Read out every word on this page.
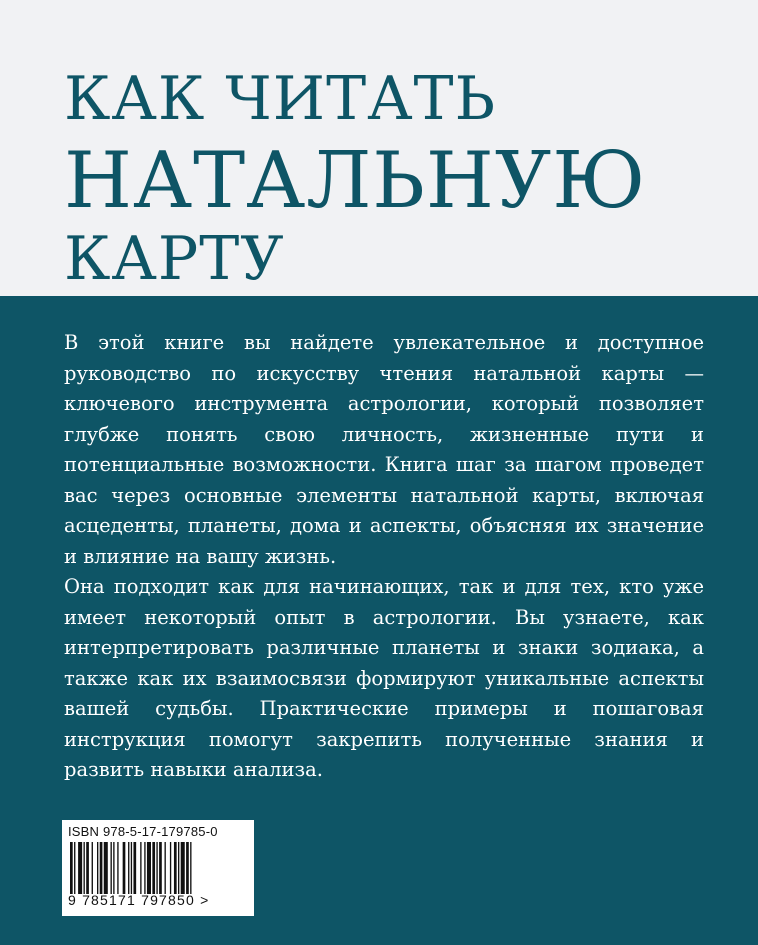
КАК ЧИТАТЬ
НАТАЛЬНУЮ
КАРТУ

В этой книге вы найдете увлекательное и доступное руководство по искусству чтения натальной карты — ключевого инструмента астрологии, который позволяет глубже понять свою личность, жизненные пути и потенциальные возможности. Книга шаг за шагом проведет вас через основные элементы натальной карты, включая асцеденты, планеты, дома и аспекты, объясняя их значение и влияние на вашу жизнь.

Она подходит как для начинающих, так и для тех, кто уже имеет некоторый опыт в астрологии. Вы узнаете, как интерпретировать различные планеты и знаки зодиака, а также как их взаимосвязи формируют уникальные аспекты вашей судьбы. Практические примеры и пошаговая инструкция помогут закрепить полученные знания и развить навыки анализа.

ISBN 978-5-17-179785-0
9 785171 797850 >
